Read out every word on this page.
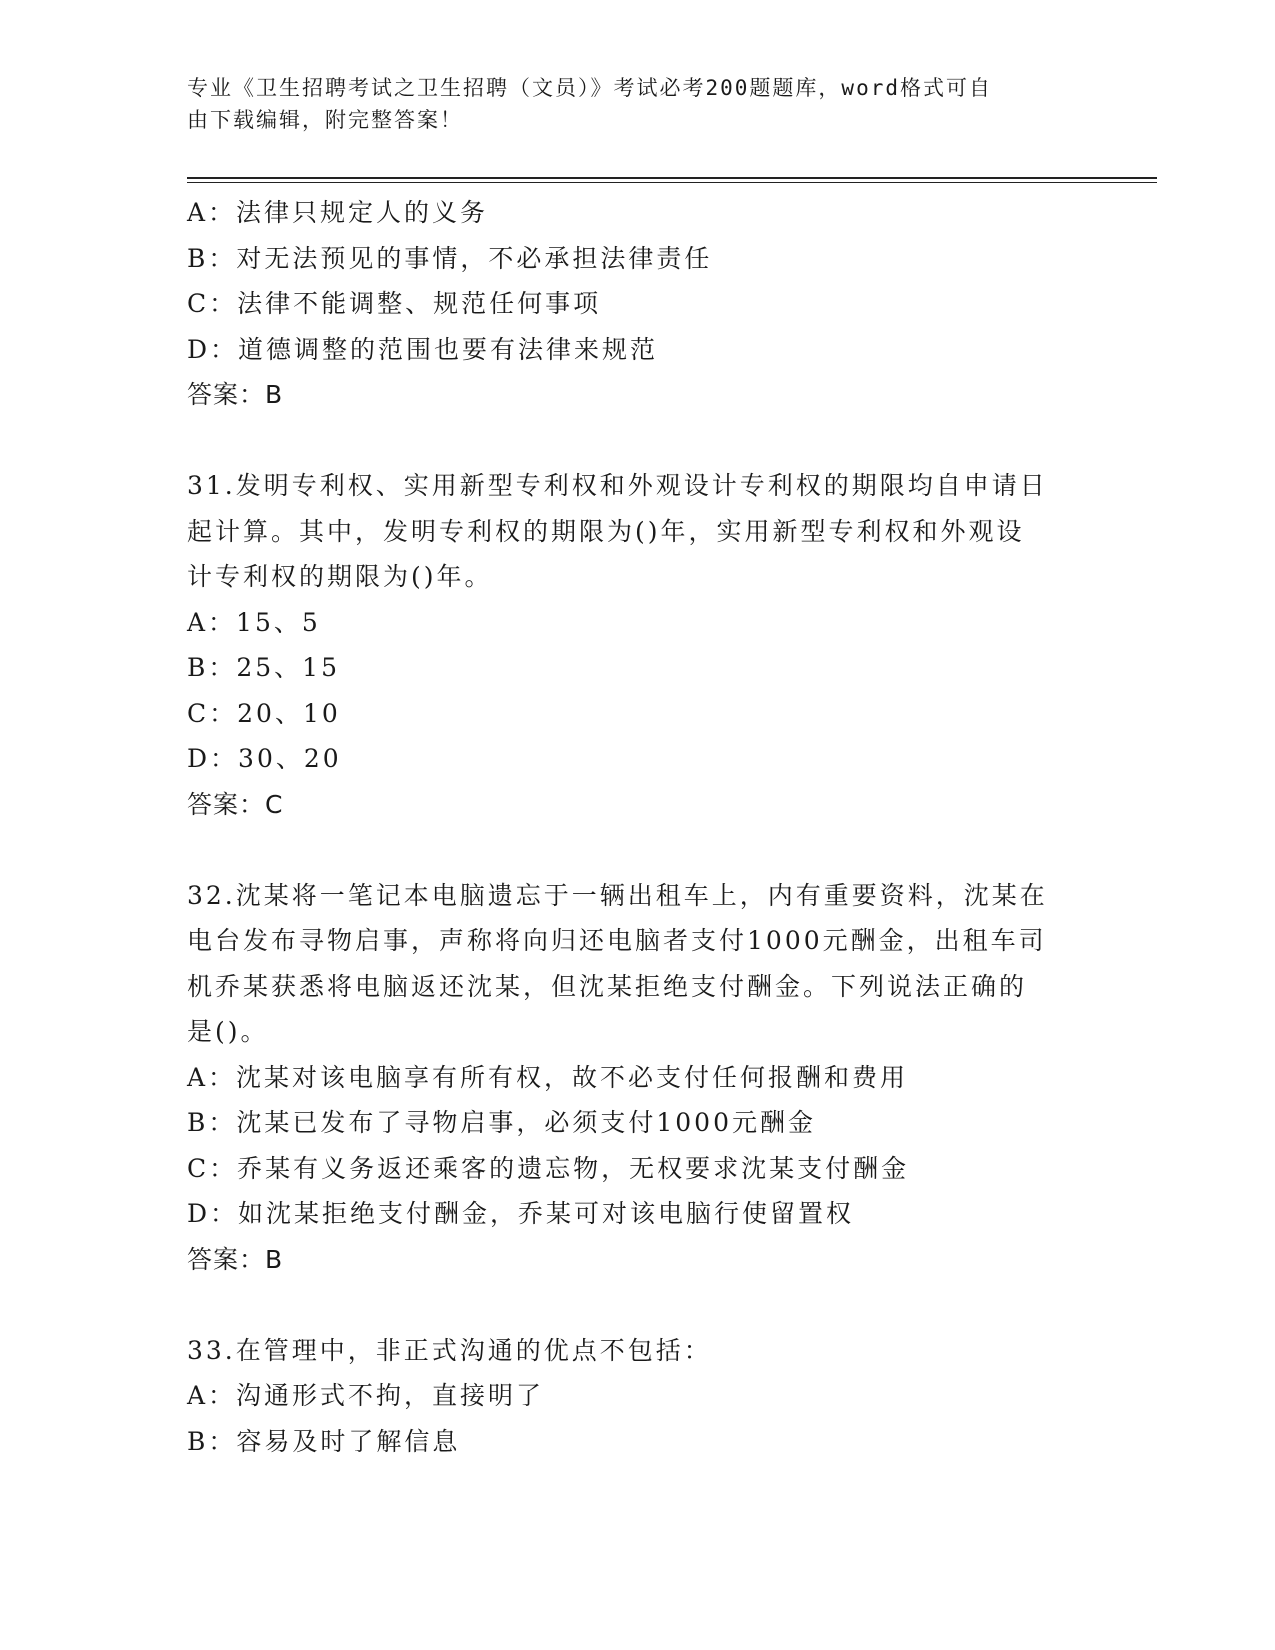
专业《卫生招聘考试之卫生招聘（文员）》考试必考200题题库，word格式可自
由下载编辑，附完整答案！
A：法律只规定人的义务
B：对无法预见的事情，不必承担法律责任
C：法律不能调整、规范任何事项
D：道德调整的范围也要有法律来规范
答案：B
31.发明专利权、实用新型专利权和外观设计专利权的期限均自申请日
起计算。其中，发明专利权的期限为()年，实用新型专利权和外观设
计专利权的期限为()年。
A：15、5
B：25、15
C：20、10
D：30、20
答案：C
32.沈某将一笔记本电脑遗忘于一辆出租车上，内有重要资料，沈某在
电台发布寻物启事，声称将向归还电脑者支付1000元酬金，出租车司
机乔某获悉将电脑返还沈某，但沈某拒绝支付酬金。下列说法正确的
是()。
A：沈某对该电脑享有所有权，故不必支付任何报酬和费用
B：沈某已发布了寻物启事，必须支付1000元酬金
C：乔某有义务返还乘客的遗忘物，无权要求沈某支付酬金
D：如沈某拒绝支付酬金，乔某可对该电脑行使留置权
答案：B
33.在管理中，非正式沟通的优点不包括：
A：沟通形式不拘，直接明了
B：容易及时了解信息
